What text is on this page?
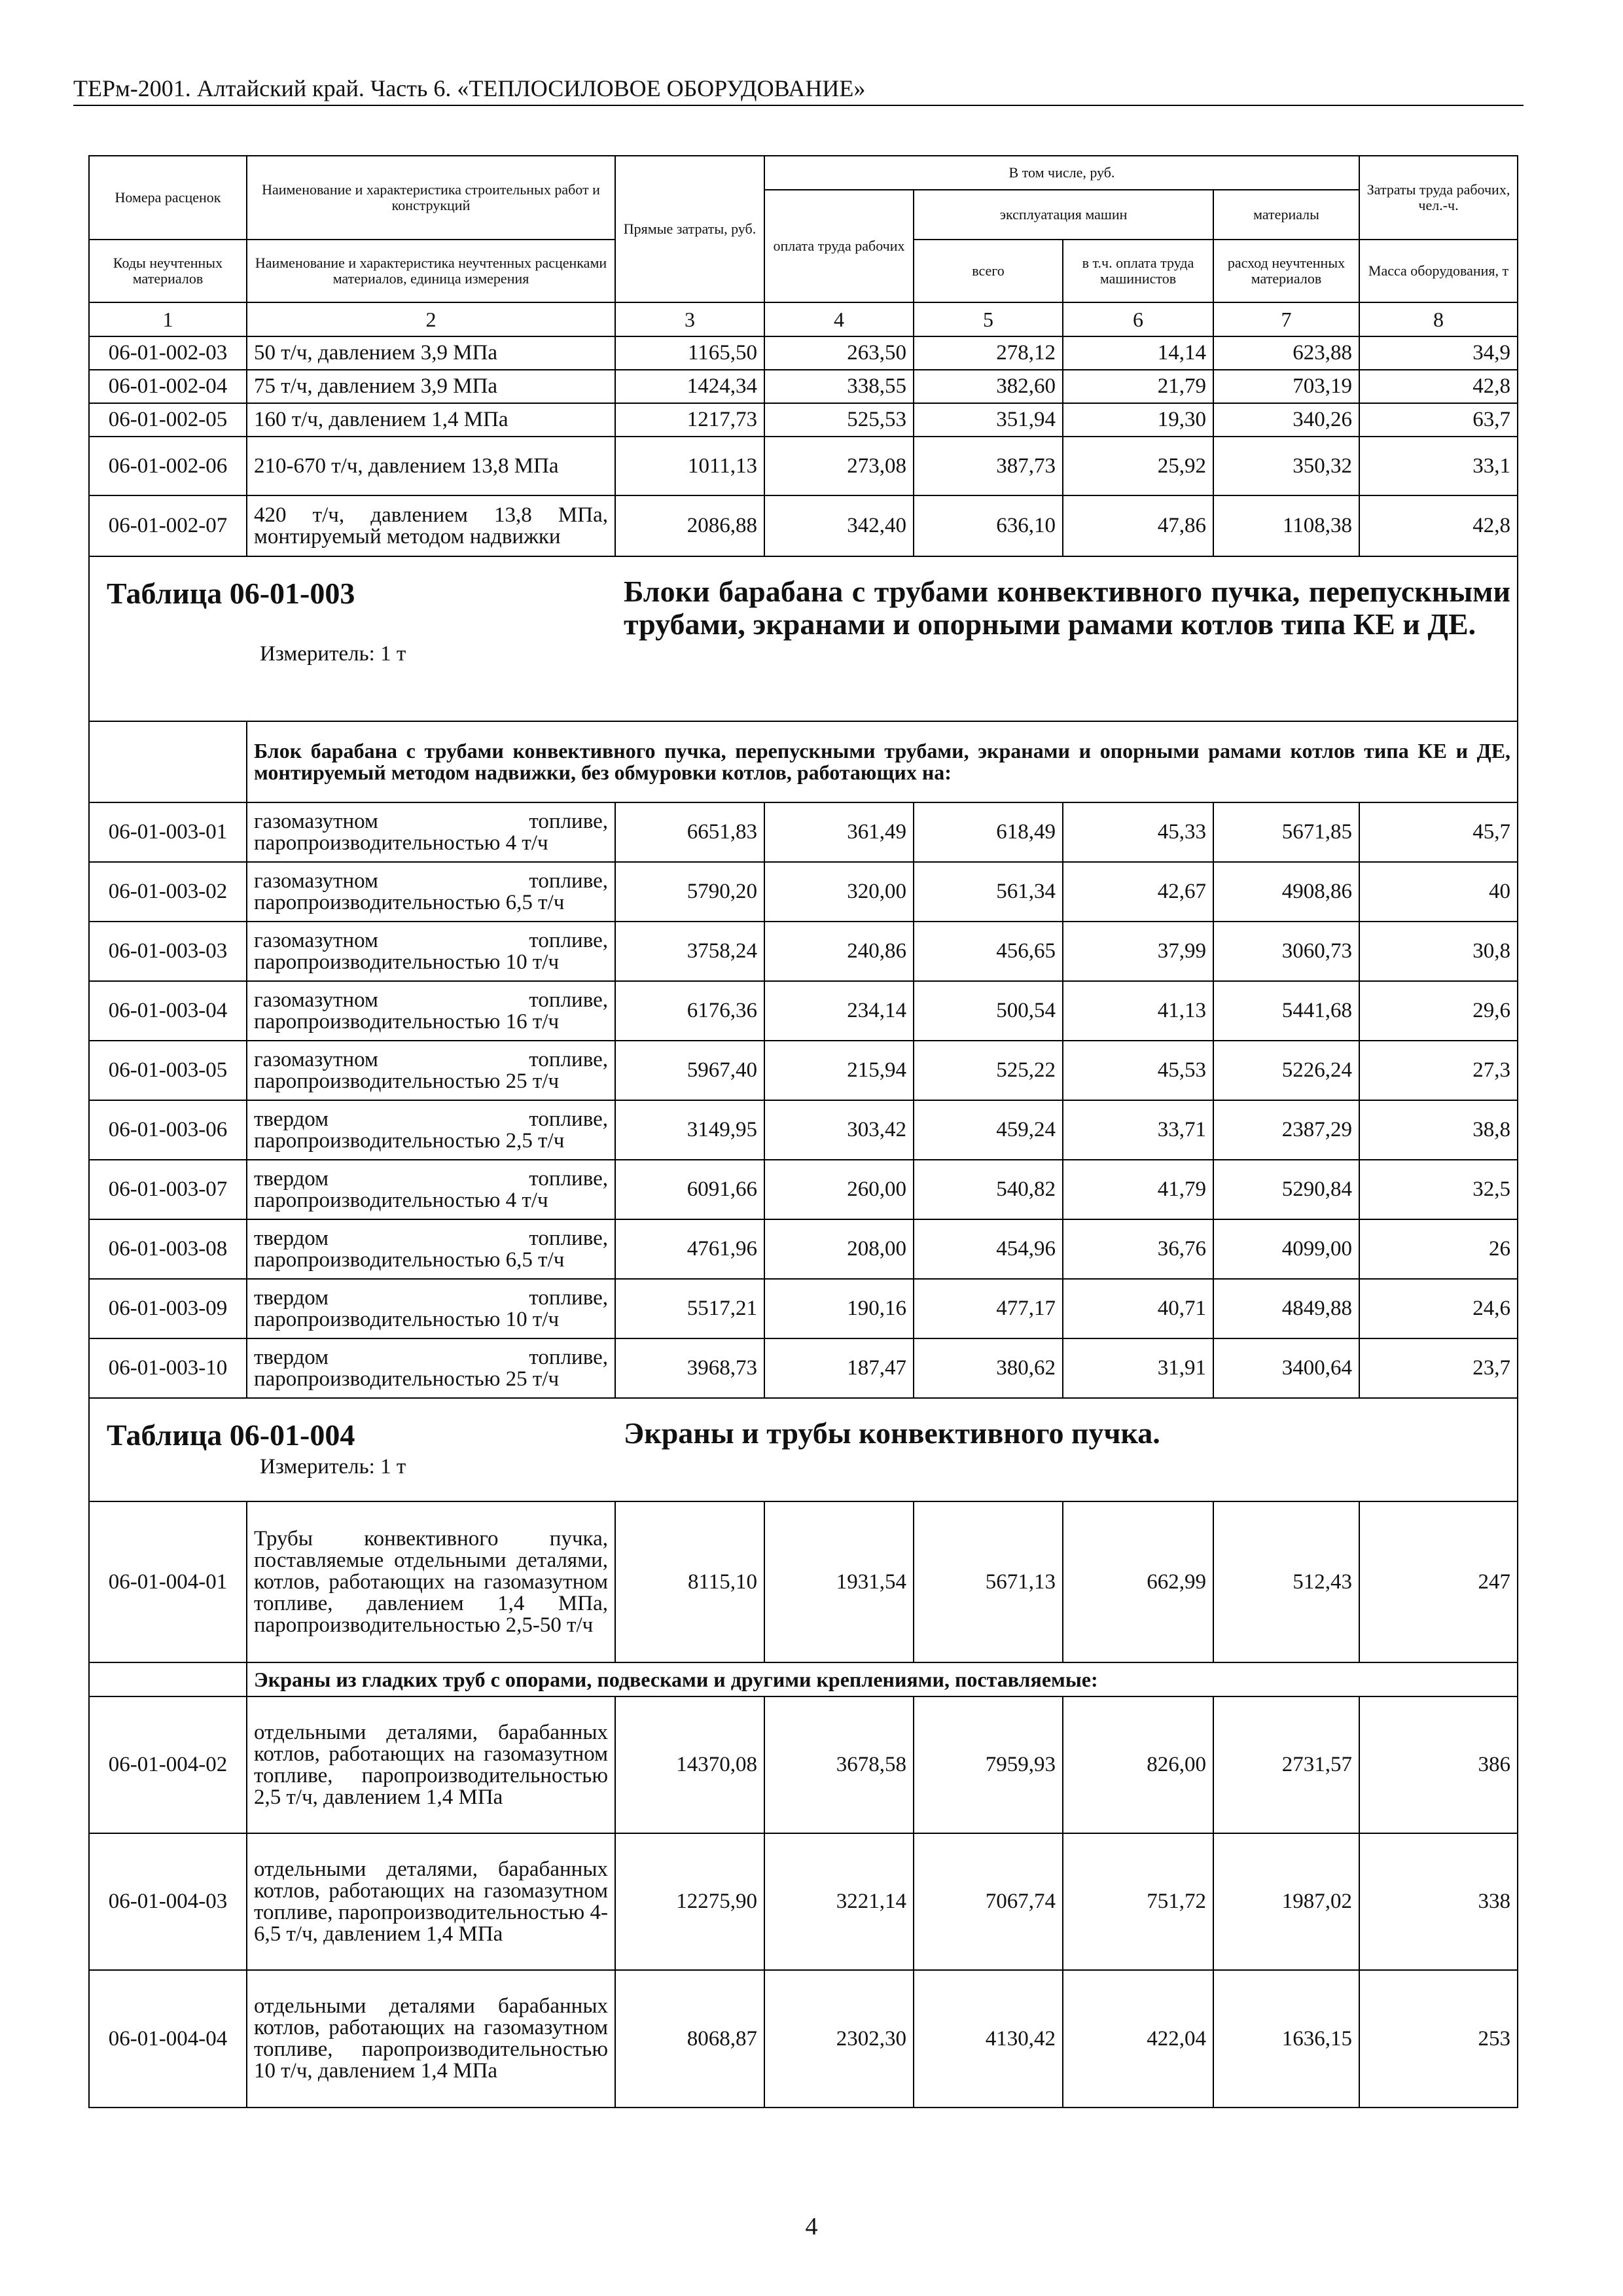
ТЕРм-2001. Алтайский край. Часть 6. «ТЕПЛОСИЛОВОЕ ОБОРУДОВАНИЕ»
Номера расценок	Наименование и характеристика строительных работ и конструкций	Прямые затраты, руб.	В том числе, руб.				Затраты труда рабочих, чел.-ч.
			оплата труда рабочих	эксплуатация машин		материалы	
Коды неучтенных материалов	Наименование и характеристика неучтенных расценками материалов, единица измерения			всего	в т.ч. оплата труда машинистов	расход неучтенных материалов	Масса оборудования, т
1	2	3	4	5	6	7	8
06-01-002-03	50 т/ч, давлением 3,9 МПа	1165,50	263,50	278,12	14,14	623,88	34,9
06-01-002-04	75 т/ч, давлением 3,9 МПа	1424,34	338,55	382,60	21,79	703,19	42,8
06-01-002-05	160 т/ч, давлением 1,4 МПа	1217,73	525,53	351,94	19,30	340,26	63,7
06-01-002-06	210-670 т/ч, давлением 13,8 МПа	1011,13	273,08	387,73	25,92	350,32	33,1
06-01-002-07	420 т/ч, давлением 13,8 МПа, монтируемый методом надвижки	2086,88	342,40	636,10	47,86	1108,38	42,8

Таблица 06-01-003 Блоки барабана с трубами конвективного пучка, перепускными трубами, экранами и опорными рамами котлов типа КЕ и ДЕ.
Измеритель: 1 т							

	Блок барабана с трубами конвективного пучка, перепускными трубами, экранами и опорными рамами котлов типа КЕ и ДЕ, монтируемый методом надвижки, без обмуровки котлов, работающих на:						
06-01-003-01	газомазутном топливе, паропроизводительностью 4 т/ч	6651,83	361,49	618,49	45,33	5671,85	45,7
06-01-003-02	газомазутном топливе, паропроизводительностью 6,5 т/ч	5790,20	320,00	561,34	42,67	4908,86	40
06-01-003-03	газомазутном топливе, паропроизводительностью 10 т/ч	3758,24	240,86	456,65	37,99	3060,73	30,8
06-01-003-04	газомазутном топливе, паропроизводительностью 16 т/ч	6176,36	234,14	500,54	41,13	5441,68	29,6
06-01-003-05	газомазутном топливе, паропроизводительностью 25 т/ч	5967,40	215,94	525,22	45,53	5226,24	27,3
06-01-003-06	твердом топливе, паропроизводительностью 2,5 т/ч	3149,95	303,42	459,24	33,71	2387,29	38,8
06-01-003-07	твердом топливе, паропроизводительностью 4 т/ч	6091,66	260,00	540,82	41,79	5290,84	32,5
06-01-003-08	твердом топливе, паропроизводительностью 6,5 т/ч	4761,96	208,00	454,96	36,76	4099,00	26
06-01-003-09	твердом топливе, паропроизводительностью 10 т/ч	5517,21	190,16	477,17	40,71	4849,88	24,6
06-01-003-10	твердом топливе, паропроизводительностью 25 т/ч	3968,73	187,47	380,62	31,91	3400,64	23,7

Таблица 06-01-004 Экраны и трубы конвективного пучка.
Измеритель: 1 т							

06-01-004-01	Трубы конвективного пучка, поставляемые отдельными деталями, котлов, работающих на газомазутном топливе, давлением 1,4 МПа, паропроизводительностью 2,5-50 т/ч	8115,10	1931,54	5671,13	662,99	512,43	247
	Экраны из гладких труб с опорами, подвесками и другими креплениями, поставляемые:						
06-01-004-02	отдельными деталями, барабанных котлов, работающих на газомазутном топливе, паропроизводительностью 2,5 т/ч, давлением 1,4 МПа	14370,08	3678,58	7959,93	826,00	2731,57	386
06-01-004-03	отдельными деталями, барабанных котлов, работающих на газомазутном топливе, паропроизводительностью 4-6,5 т/ч, давлением 1,4 МПа	12275,90	3221,14	7067,74	751,72	1987,02	338
06-01-004-04	отдельными деталями барабанных котлов, работающих на газомазутном топливе, паропроизводительностью 10 т/ч, давлением 1,4 МПа	8068,87	2302,30	4130,42	422,04	1636,15	253
4
